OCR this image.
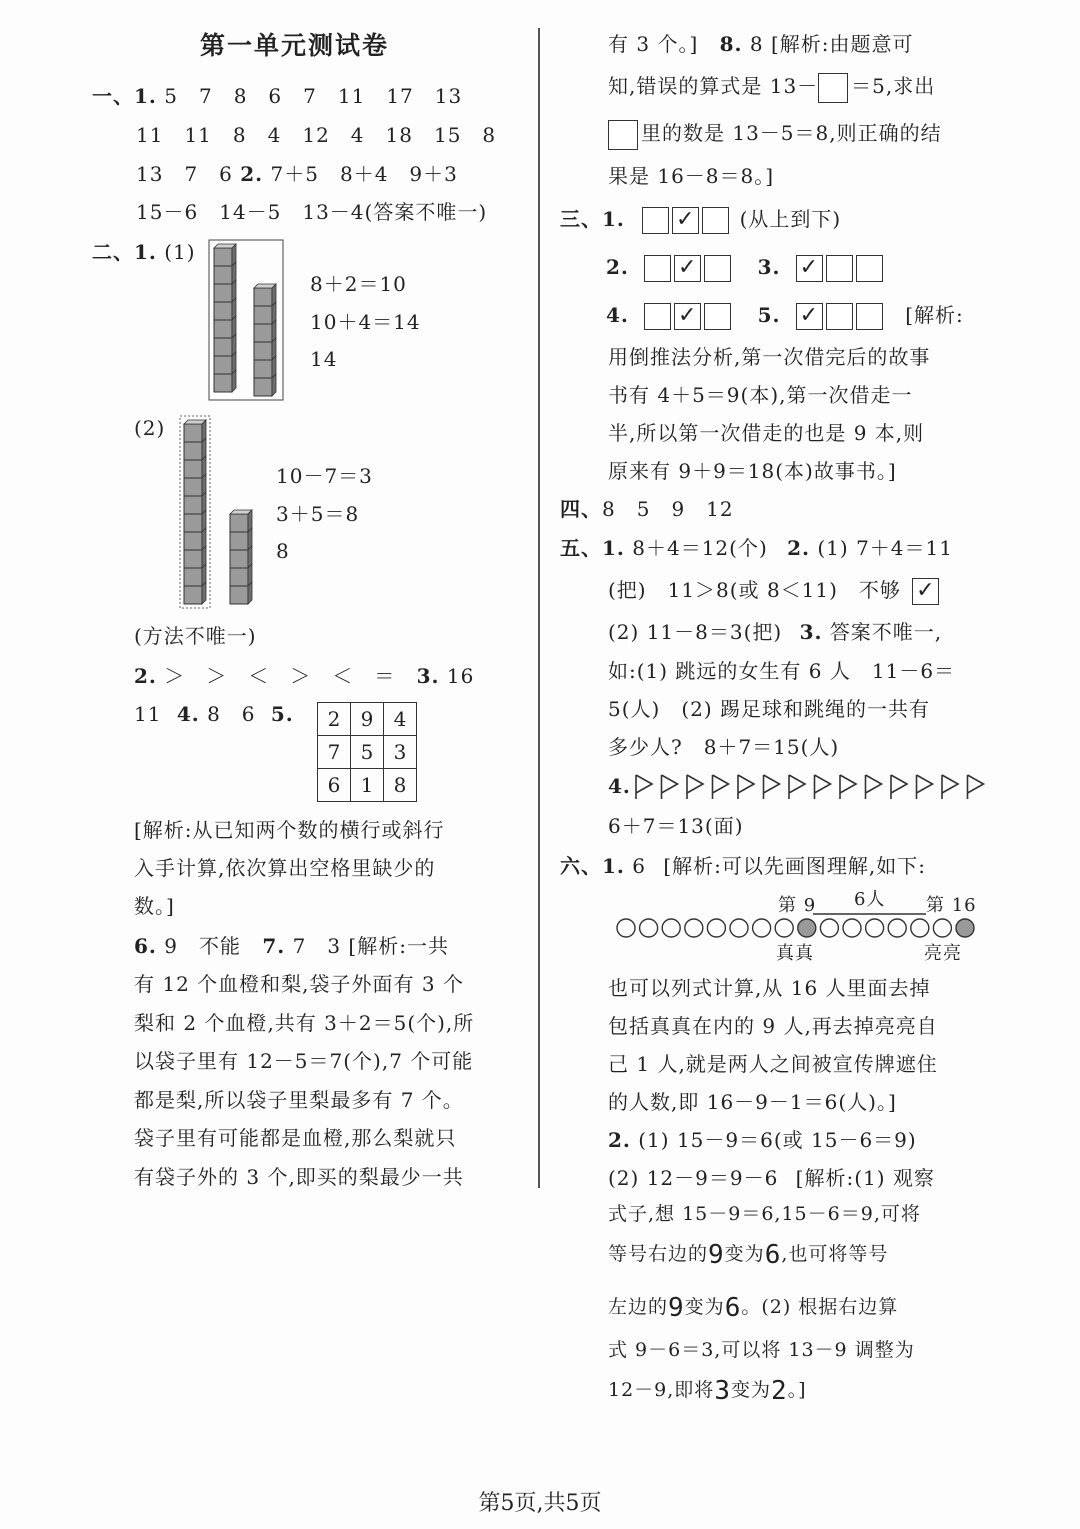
第一单元测试卷
一、1. 5　7　8　6　7　11　17　13
11　11　8　4　12　4　18　15　8
13　7　6 2. 7＋5　8＋4　9＋3
15－6　14－5　13－4(答案不唯一)
二、1. (1)
8＋2＝10
10＋4＝14
14
(2)
10－7＝3
3＋5＝8
8
(方法不唯一)
2. ＞　＞　＜　＞　＜　＝ 3. 16
11 4. 8　6 5. 2	9	4
7	5	3
6	1	8
[解析:从已知两个数的横行或斜行
入手计算,依次算出空格里缺少的
数。]
6. 9　不能 7. 7　3 [解析:一共
有 12 个血橙和梨,袋子外面有 3 个
梨和 2 个血橙,共有 3＋2＝5(个),所
以袋子里有 12－5＝7(个),7 个可能
都是梨,所以袋子里梨最多有 7 个。
袋子里有可能都是血橙,那么梨就只
有袋子外的 3 个,即买的梨最少一共
有 3 个。] 8. 8 [解析:由题意可
知,错误的算式是 13－ ＝5,求出
里的数是 13－5＝8,则正确的结
果是 16－8＝8。]
三、1. ✓ (从上到下)
2. ✓	3. ✓
4. ✓	5. ✓	[解析:
用倒推法分析,第一次借完后的故事
书有 4＋5＝9(本),第一次借走一
半,所以第一次借走的也是 9 本,则
原来有 9＋9＝18(本)故事书。]
四、8　5　9　12
五、1. 8＋4＝12(个) 2. (1) 7＋4＝11
(把)　11＞8(或 8＜11)　不够 ✓
(2) 11－8＝3(把) 3. 答案不唯一,
如:(1) 跳远的女生有 6 人　11－6＝
5(人)　(2) 踢足球和跳绳的一共有
多少人?　8＋7＝15(人)
4.
6＋7＝13(面)
六、1. 6 [解析:可以先画图理解,如下:
第 9 6人 第 16
真真	亮亮
也可以列式计算,从 16 人里面去掉
包括真真在内的 9 人,再去掉亮亮自
己 1 人,就是两人之间被宣传牌遮住
的人数,即 16－9－1＝6(人)。]
2. (1) 15－9＝6(或 15－6＝9)
(2) 12－9＝9－6 [解析:(1) 观察
式子,想 15－9＝6,15－6＝9,可将
等号右边的9变为6,也可将等号
左边的9变为6。(2) 根据右边算
式 9－6＝3,可以将 13－9 调整为
12－9,即将3变为2。]
第5页,共5页
